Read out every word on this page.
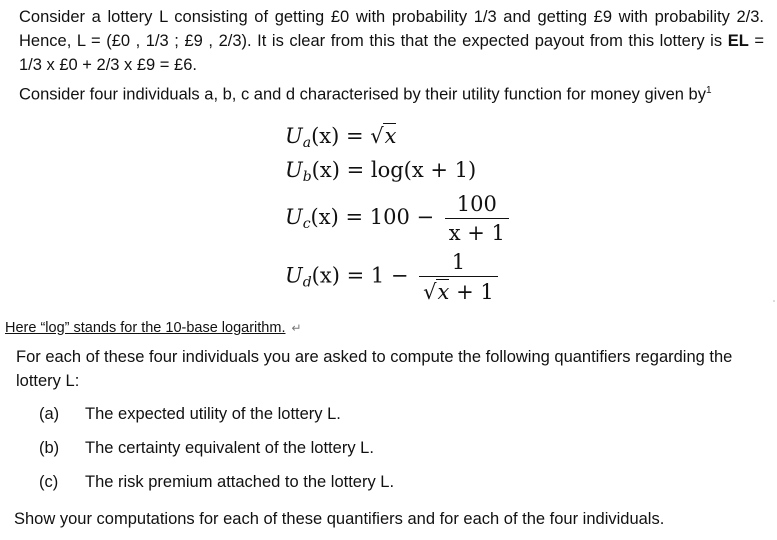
Consider a lottery L consisting of getting £0 with probability 1/3 and getting £9 with probability 2/3. Hence, L = (£0 , 1/3 ; £9 , 2/3). It is clear from this that the expected payout from this lottery is EL = 1/3 x £0 + 2/3 x £9 = £6.
Consider four individuals a, b, c and d characterised by their utility function for money given $by^1$
$U_a(x) = √x$
$U_b(x) = \log(x + 1)$
$U_c(x) = 100 - \frac{100}{x + 1}$
$U_d(x) = 1 - \frac{1}{√x + 1}$
Here “log” stands for the 10-base logarithm. ↵
For each of these four individuals you are asked to compute the following quantifiers regarding the lottery L:
(a) The expected utility of the lottery L.
(b) The certainty equivalent of the lottery L.
(c) The risk premium attached to the lottery L.
Show your computations for each of these quantifiers and for each of the four individuals.
